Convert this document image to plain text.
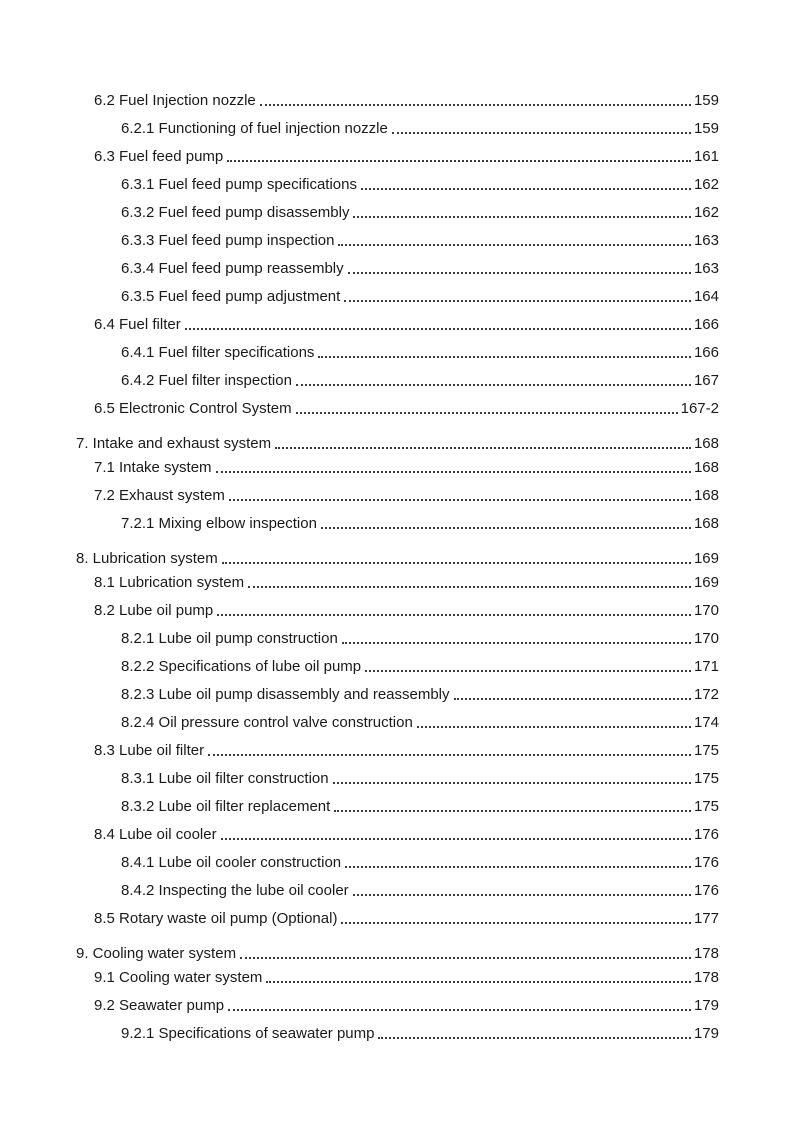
6.2 Fuel Injection nozzle	159
6.2.1 Functioning of fuel injection nozzle	159
6.3 Fuel feed pump	161
6.3.1 Fuel feed pump specifications	162
6.3.2 Fuel feed pump disassembly	162
6.3.3 Fuel feed pump inspection	163
6.3.4 Fuel feed pump reassembly	163
6.3.5 Fuel feed pump adjustment	164
6.4 Fuel filter	166
6.4.1 Fuel filter specifications	166
6.4.2 Fuel filter inspection	167
6.5 Electronic Control System	167-2
7. Intake and exhaust system	168
7.1 Intake system	168
7.2 Exhaust system	168
7.2.1 Mixing elbow inspection	168
8. Lubrication system	169
8.1 Lubrication system	169
8.2 Lube oil pump	170
8.2.1 Lube oil pump construction	170
8.2.2 Specifications of lube oil pump	171
8.2.3 Lube oil pump disassembly and reassembly	172
8.2.4 Oil pressure control valve construction	174
8.3 Lube oil filter	175
8.3.1 Lube oil filter construction	175
8.3.2 Lube oil filter replacement	175
8.4 Lube oil cooler	176
8.4.1 Lube oil cooler construction	176
8.4.2 Inspecting the lube oil cooler	176
8.5 Rotary waste oil pump (Optional)	177
9. Cooling water system	178
9.1 Cooling water system	178
9.2 Seawater pump	179
9.2.1 Specifications of seawater pump	179
